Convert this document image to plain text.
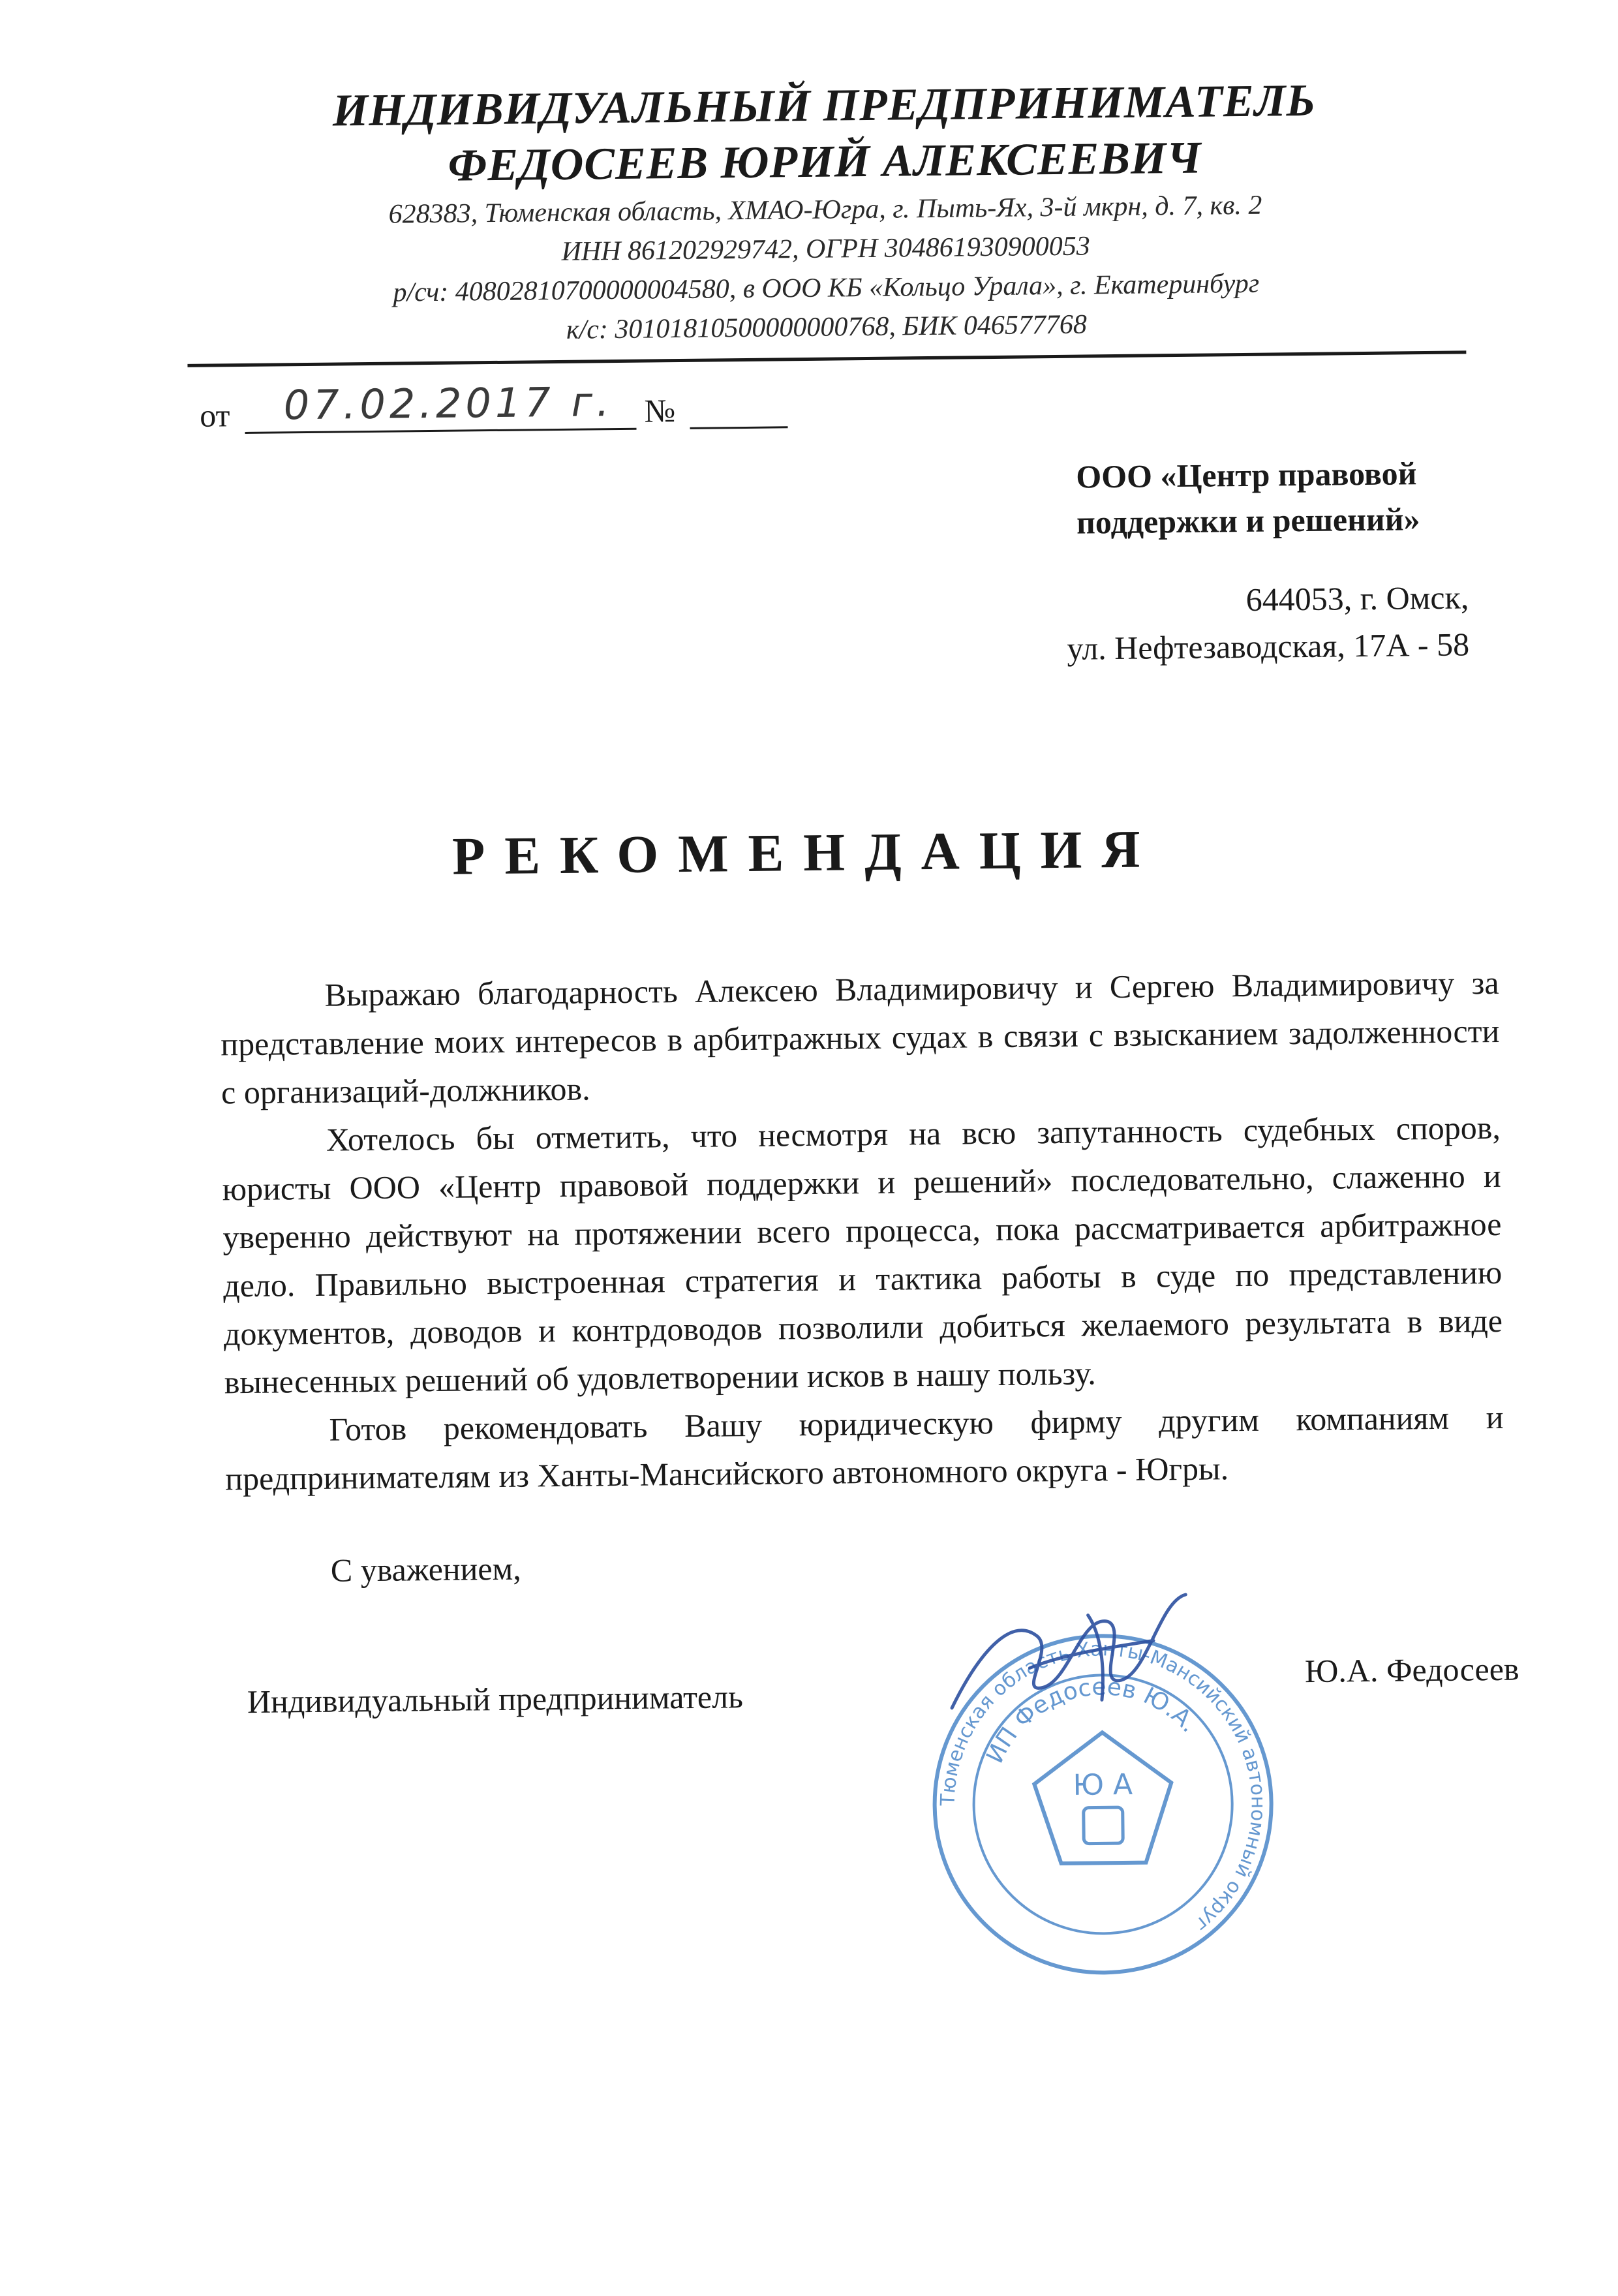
ИНДИВИДУАЛЬНЫЙ ПРЕДПРИНИМАТЕЛЬ
ФЕДОСЕЕВ ЮРИЙ АЛЕКСЕЕВИЧ
628383, Тюменская область, ХМАО-Югра, г. Пыть-Ях, 3-й мкрн, д. 7, кв. 2
ИНН 861202929742, ОГРН 304861930900053
р/сч: 40802810700000004580, в ООО КБ «Кольцо Урала», г. Екатеринбург
к/с: 30101810500000000768, БИК 046577768
от 07.02.2017 г. №
ООО «Центр правовой
поддержки и решений»
644053, г. Омск,
ул. Нефтезаводская, 17А - 58
РЕКОМЕНДАЦИЯ

Выражаю благодарность Алексею Владимировичу и Сергею Владимировичу за представление моих интересов в арбитражных судах в связи с взысканием задолженности с организаций-должников.

Хотелось бы отметить, что несмотря на всю запутанность судебных споров, юристы ООО «Центр правовой поддержки и решений» последовательно, слаженно и уверенно действуют на протяжении всего процесса, пока рассматривается арбитражное дело. Правильно выстроенная стратегия и тактика работы в суде по представлению документов, доводов и контрдоводов позволили добиться желаемого результата в виде вынесенных решений об удовлетворении исков в нашу пользу.

Готов рекомендовать Вашу юридическую фирму другим компаниям и предпринимателям из Ханты-Мансийского автономного округа - Югры.

С уважением,
Индивидуальный предприниматель
Ю.А. Федосеев
Тюменская область Ханты-Мансийский автономный округ
ИП Федосеев Ю.А.
Ю А
